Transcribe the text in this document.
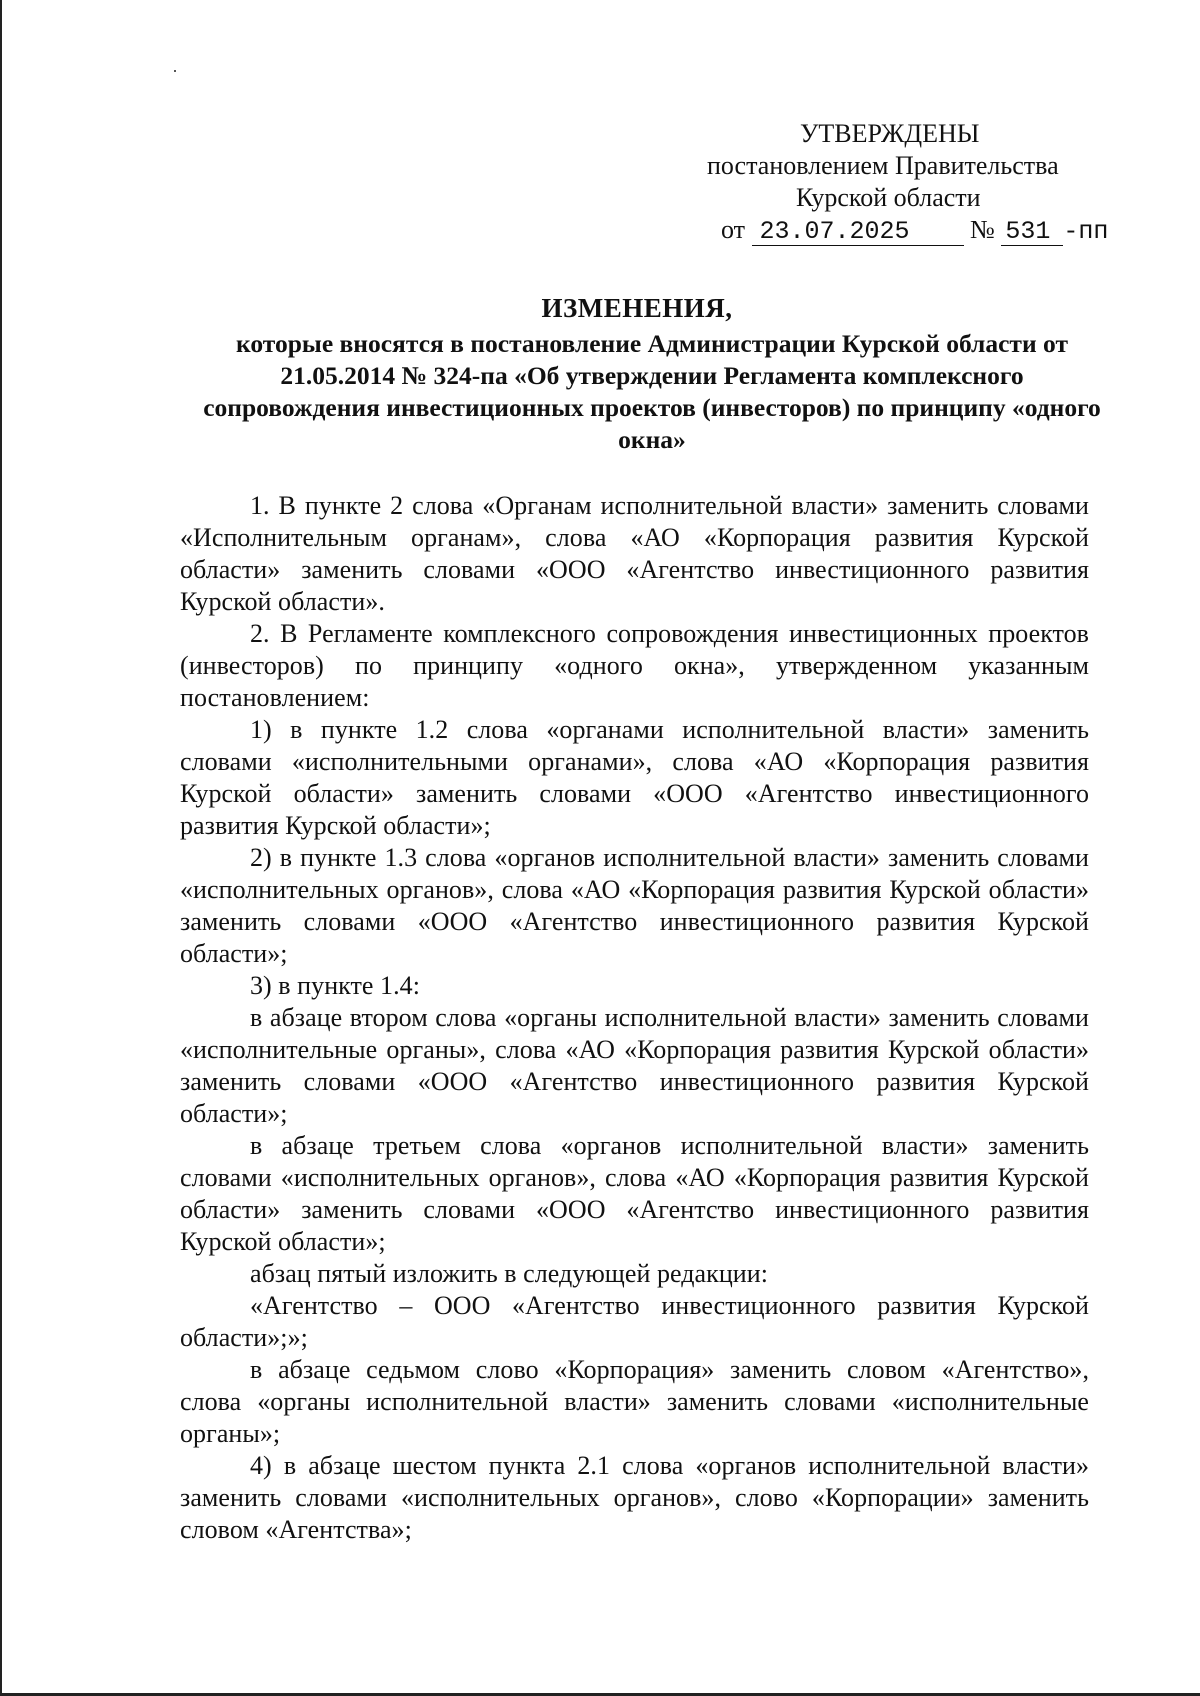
УТВЕРЖДЕНЫ
постановлением Правительства
Курской области
от 23.07.2025 № 531 -пп
ИЗМЕНЕНИЯ,
которые вносятся в постановление Администрации Курской области от 21.05.2014 № 324-па «Об утверждении Регламента комплексного сопровождения инвестиционных проектов (инвесторов) по принципу «одного окна»

1. В пункте 2 слова «Органам исполнительной власти» заменить словами «Исполнительным органам», слова «АО «Корпорация развития Курской области» заменить словами «ООО «Агентство инвестиционного развития Курской области».

2. В Регламенте комплексного сопровождения инвестиционных проектов (инвесторов) по принципу «одного окна», утвержденном указанным постановлением:

1) в пункте 1.2 слова «органами исполнительной власти» заменить словами «исполнительными органами», слова «АО «Корпорация развития Курской области» заменить словами «ООО «Агентство инвестиционного развития Курской области»;

2) в пункте 1.3 слова «органов исполнительной власти» заменить словами «исполнительных органов», слова «АО «Корпорация развития Курской области» заменить словами «ООО «Агентство инвестиционного развития Курской области»;

3) в пункте 1.4:

в абзаце втором слова «органы исполнительной власти» заменить словами «исполнительные органы», слова «АО «Корпорация развития Курской области» заменить словами «ООО «Агентство инвестиционного развития Курской области»;

в абзаце третьем слова «органов исполнительной власти» заменить словами «исполнительных органов», слова «АО «Корпорация развития Курской области» заменить словами «ООО «Агентство инвестиционного развития Курской области»;

абзац пятый изложить в следующей редакции:

«Агентство – ООО «Агентство инвестиционного развития Курской области»;»;

в абзаце седьмом слово «Корпорация» заменить словом «Агентство», слова «органы исполнительной власти» заменить словами «исполнительные органы»;

4) в абзаце шестом пункта 2.1 слова «органов исполнительной власти» заменить словами «исполнительных органов», слово «Корпорации» заменить словом «Агентства»;
